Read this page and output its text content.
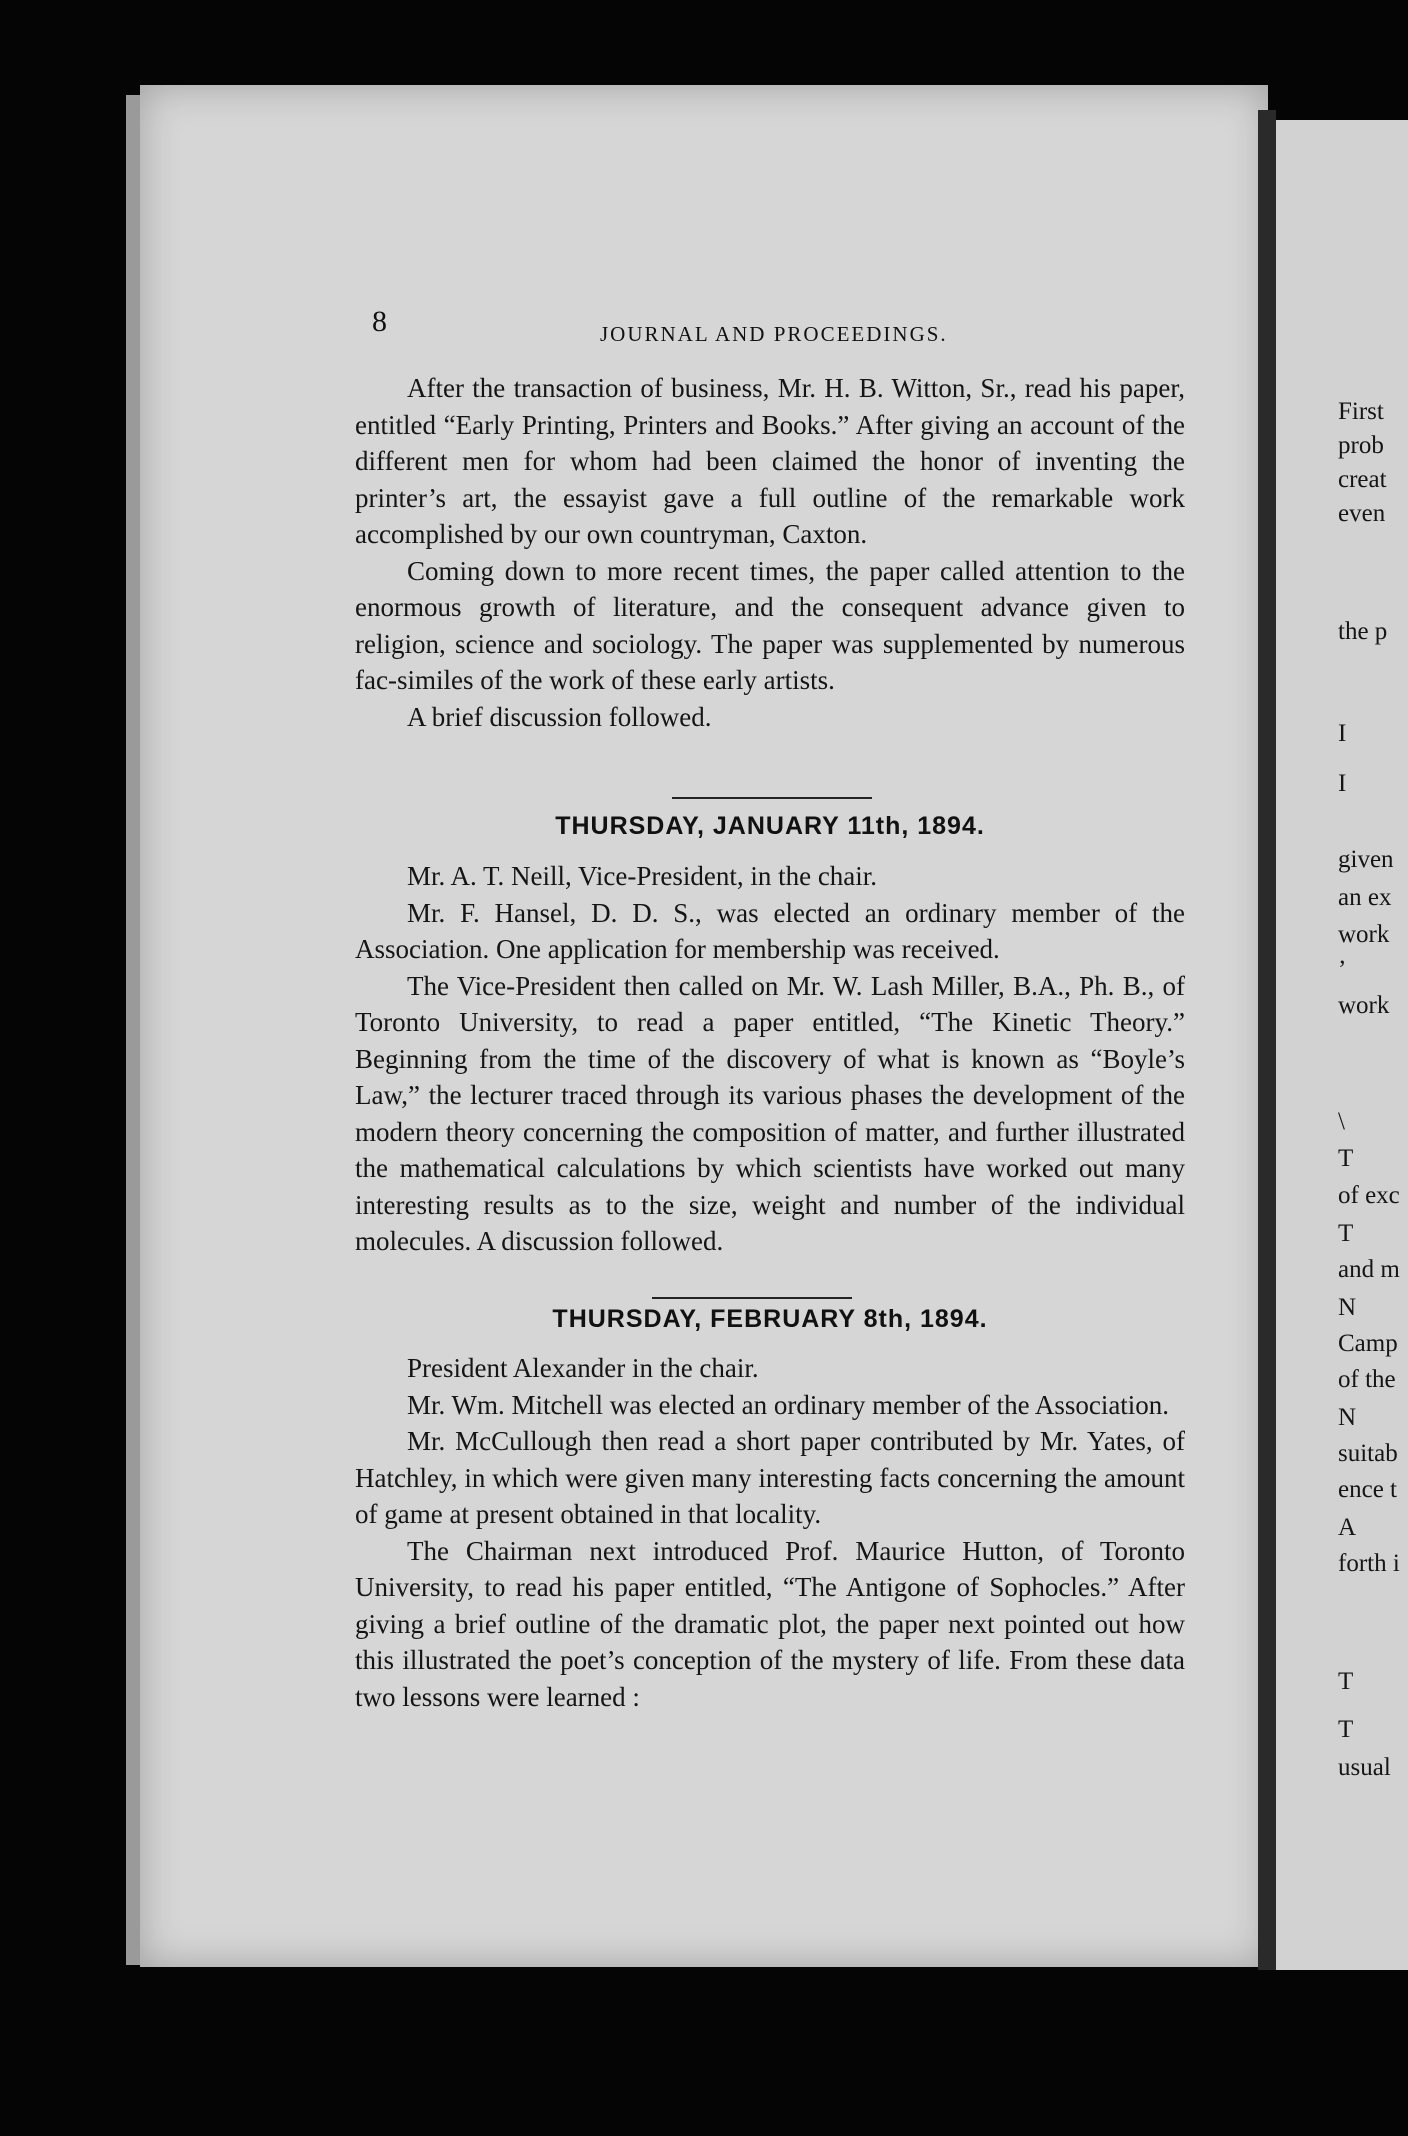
8	JOURNAL AND PROCEEDINGS.

After the transaction of business, Mr. H. B. Witton, Sr., read his paper, entitled “Early Printing, Printers and Books.” After giving an account of the different men for whom had been claimed the honor of inventing the printer’s art, the essayist gave a full outline of the remarkable work accomplished by our own countryman, Caxton.

Coming down to more recent times, the paper called attention to the enormous growth of literature, and the consequent advance given to religion, science and sociology. The paper was supplemented by numerous fac-similes of the work of these early artists.

A brief discussion followed.

THURSDAY, JANUARY 11th, 1894.

Mr. A. T. Neill, Vice-President, in the chair.

Mr. F. Hansel, D. D. S., was elected an ordinary member of the Association. One application for membership was received.

The Vice-President then called on Mr. W. Lash Miller, B.A., Ph. B., of Toronto University, to read a paper entitled, “The Kinetic Theory.” Beginning from the time of the discovery of what is known as “Boyle’s Law,” the lecturer traced through its various phases the development of the modern theory concerning the composition of matter, and further illustrated the mathematical calculations by which scientists have worked out many interesting results as to the size, weight and number of the individual molecules. A discussion followed.

THURSDAY, FEBRUARY 8th, 1894.

President Alexander in the chair.

Mr. Wm. Mitchell was elected an ordinary member of the Association.

Mr. McCullough then read a short paper contributed by Mr. Yates, of Hatchley, in which were given many interesting facts concerning the amount of game at present obtained in that locality.

The Chairman next introduced Prof. Maurice Hutton, of Toronto University, to read his paper entitled, “The Antigone of Sophocles.” After giving a brief outline of the dramatic plot, the paper next pointed out how this illustrated the poet’s conception of the mystery of life. From these data two lessons were learned :

First
prob
creat
even
the p
I
I
given
an ex
work
’
work
\
T
of exc
T
and m
N
Camp
of the
N
suitab
ence t
A
forth i
T
T
usual
